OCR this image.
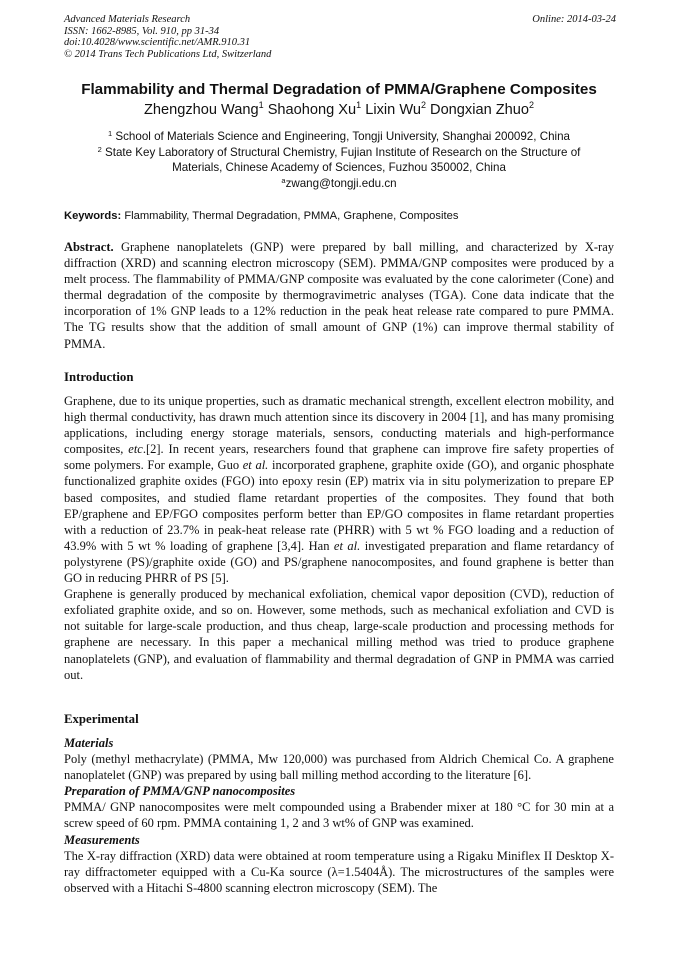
Advanced Materials Research
ISSN: 1662-8985, Vol. 910, pp 31-34
doi:10.4028/www.scientific.net/AMR.910.31
© 2014 Trans Tech Publications Ltd, Switzerland
Online: 2014-03-24
Flammability and Thermal Degradation of PMMA/Graphene Composites
Zhengzhou Wang$^1$ Shaohong Xu$^1$ Lixin Wu$^2$ Dongxian Zhuo$^2$
$^1$ School of Materials Science and Engineering, Tongji University, Shanghai 200092, China
$^2$ State Key Laboratory of Structural Chemistry, Fujian Institute of Research on the Structure of
Materials, Chinese Academy of Sciences, Fuzhou 350002, China
$^a$zwang@tongji.edu.cn
Keywords: Flammability, Thermal Degradation, PMMA, Graphene, Composites

Abstract. Graphene nanoplatelets (GNP) were prepared by ball milling, and characterized by X-ray diffraction (XRD) and scanning electron microscopy (SEM). PMMA/GNP composites were produced by a melt process. The flammability of PMMA/GNP composite was evaluated by the cone calorimeter (Cone) and thermal degradation of the composite by thermogravimetric analyses (TGA). Cone data indicate that the incorporation of 1% GNP leads to a 12% reduction in the peak heat release rate compared to pure PMMA. The TG results show that the addition of small amount of GNP (1%) can improve thermal stability of PMMA.

Introduction

Graphene, due to its unique properties, such as dramatic mechanical strength, excellent electron mobility, and high thermal conductivity, has drawn much attention since its discovery in 2004 [1], and has many promising applications, including energy storage materials, sensors, conducting materials and high-performance composites, etc.[2]. In recent years, researchers found that graphene can improve fire safety properties of some polymers. For example, Guo et al. incorporated graphene, graphite oxide (GO), and organic phosphate functionalized graphite oxides (FGO) into epoxy resin (EP) matrix via in situ polymerization to prepare EP based composites, and studied flame retardant properties of the composites. They found that both EP/graphene and EP/FGO composites perform better than EP/GO composites in flame retardant properties with a reduction of 23.7% in peak-heat release rate (PHRR) with 5 wt % FGO loading and a reduction of 43.9% with 5 wt % loading of graphene [3,4]. Han et al. investigated preparation and flame retardancy of polystyrene (PS)/graphite oxide (GO) and PS/graphene nanocomposites, and found graphene is better than GO in reducing PHRR of PS [5].

Graphene is generally produced by mechanical exfoliation, chemical vapor deposition (CVD), reduction of exfoliated graphite oxide, and so on. However, some methods, such as mechanical exfoliation and CVD is not suitable for large-scale production, and thus cheap, large-scale production and processing methods for graphene are necessary. In this paper a mechanical milling method was tried to produce graphene nanoplatelets (GNP), and evaluation of flammability and thermal degradation of GNP in PMMA was carried out.

Experimental

Materials

Poly (methyl methacrylate) (PMMA, Mw 120,000) was purchased from Aldrich Chemical Co. A graphene nanoplatelet (GNP) was prepared by using ball milling method according to the literature [6].

Preparation of PMMA/GNP nanocomposites

PMMA/ GNP nanocomposites were melt compounded using a Brabender mixer at 180 °C for 30 min at a screw speed of 60 rpm. PMMA containing 1, 2 and 3 wt% of GNP was examined.

Measurements

The X-ray diffraction (XRD) data were obtained at room temperature using a Rigaku Miniflex II Desktop X-ray diffractometer equipped with a Cu-Ka source (λ=1.5404Å). The microstructures of the samples were observed with a Hitachi S-4800 scanning electron microscopy (SEM). The
